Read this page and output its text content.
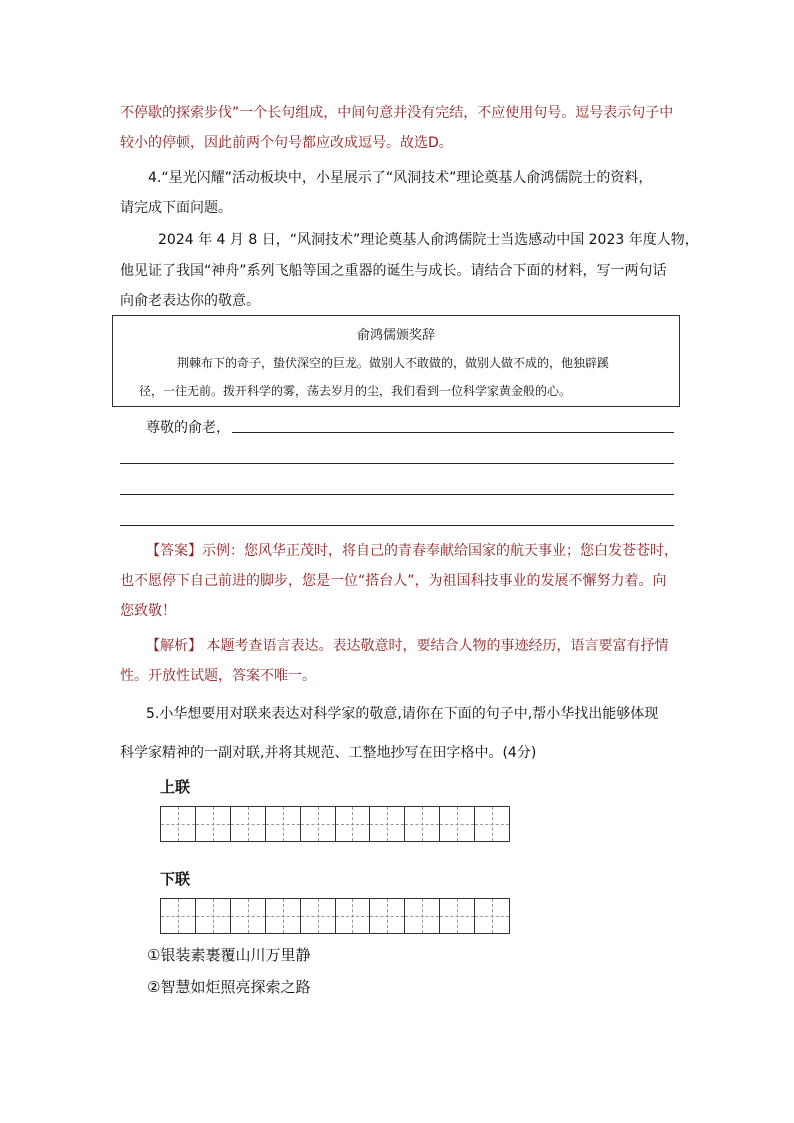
不停歇的探索步伐”一个长句组成，中间句意并没有完结，不应使用句号。逗号表示句子中
较小的停顿，因此前两个句号都应改成逗号。故选D。
4.“星光闪耀”活动板块中，小星展示了“风洞技术”理论奠基人俞鸿儒院士的资料，
请完成下面问题。
2024 年 4 月 8 日，“风洞技术”理论奠基人俞鸿儒院士当选感动中国 2023 年度人物，
他见证了我国“神舟”系列飞船等国之重器的诞生与成长。请结合下面的材料，写一两句话
向俞老表达你的敬意。
俞鸿儒颁奖辞
荆棘布下的奇子，蛰伏深空的巨龙。做别人不敢做的，做别人做不成的，他独辟蹊
径，一往无前。拨开科学的雾，荡去岁月的尘，我们看到一位科学家黄金般的心。
尊敬的俞老，
【答案】示例：您风华正茂时，将自己的青春奉献给国家的航天事业；您白发苍苍时，
也不愿停下自己前进的脚步，您是一位“搭台人”，为祖国科技事业的发展不懈努力着。向
您致敬！
【解析】 本题考查语言表达。表达敬意时，要结合人物的事迹经历，语言要富有抒情
性。开放性试题，答案不唯一。
5.小华想要用对联来表达对科学家的敬意,请你在下面的句子中,帮小华找出能够体现
科学家精神的一副对联,并将其规范、工整地抄写在田字格中。(4分)
上联
下联
①银装素裹覆山川万里静
②智慧如炬照亮探索之路
